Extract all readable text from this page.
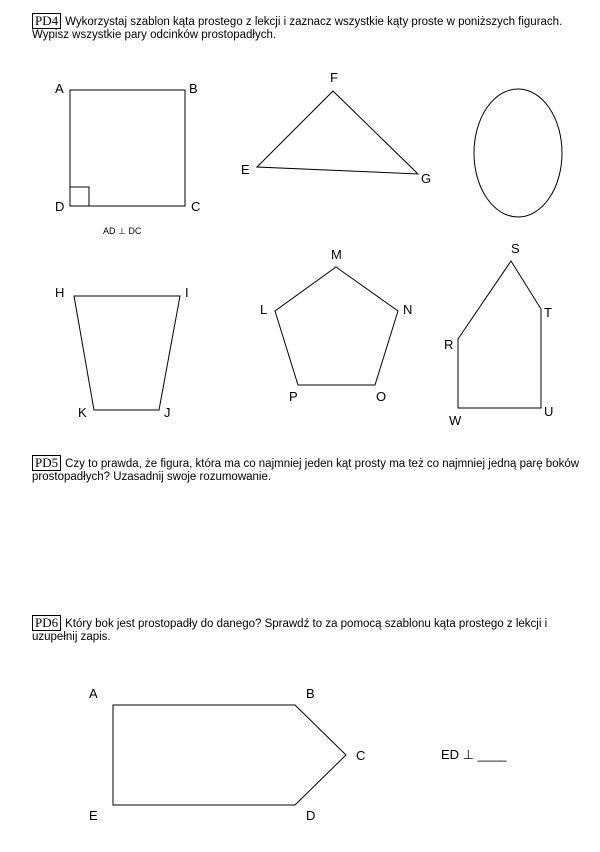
PD4 Wykorzystaj szablon kąta prostego z lekcji i zaznacz wszystkie kąty proste w poniższych figurach. Wypisz wszystkie pary odcinków prostopadłych.
PD5 Czy to prawda, że figura, która ma co najmniej jeden kąt prosty ma też co najmniej jedną parę boków prostopadłych? Uzasadnij swoje rozumowanie.
PD6 Który bok jest prostopadły do danego? Sprawdź to za pomocą szablonu kąta prostego z lekcji i uzupełnij zapis.
A	B
C
D
AD ⊥ DC
F
E
G
H	I
J
K
M
N
O
P
L
S
T
U
W
R
A	B
C
D
E
ED ⊥ ____
